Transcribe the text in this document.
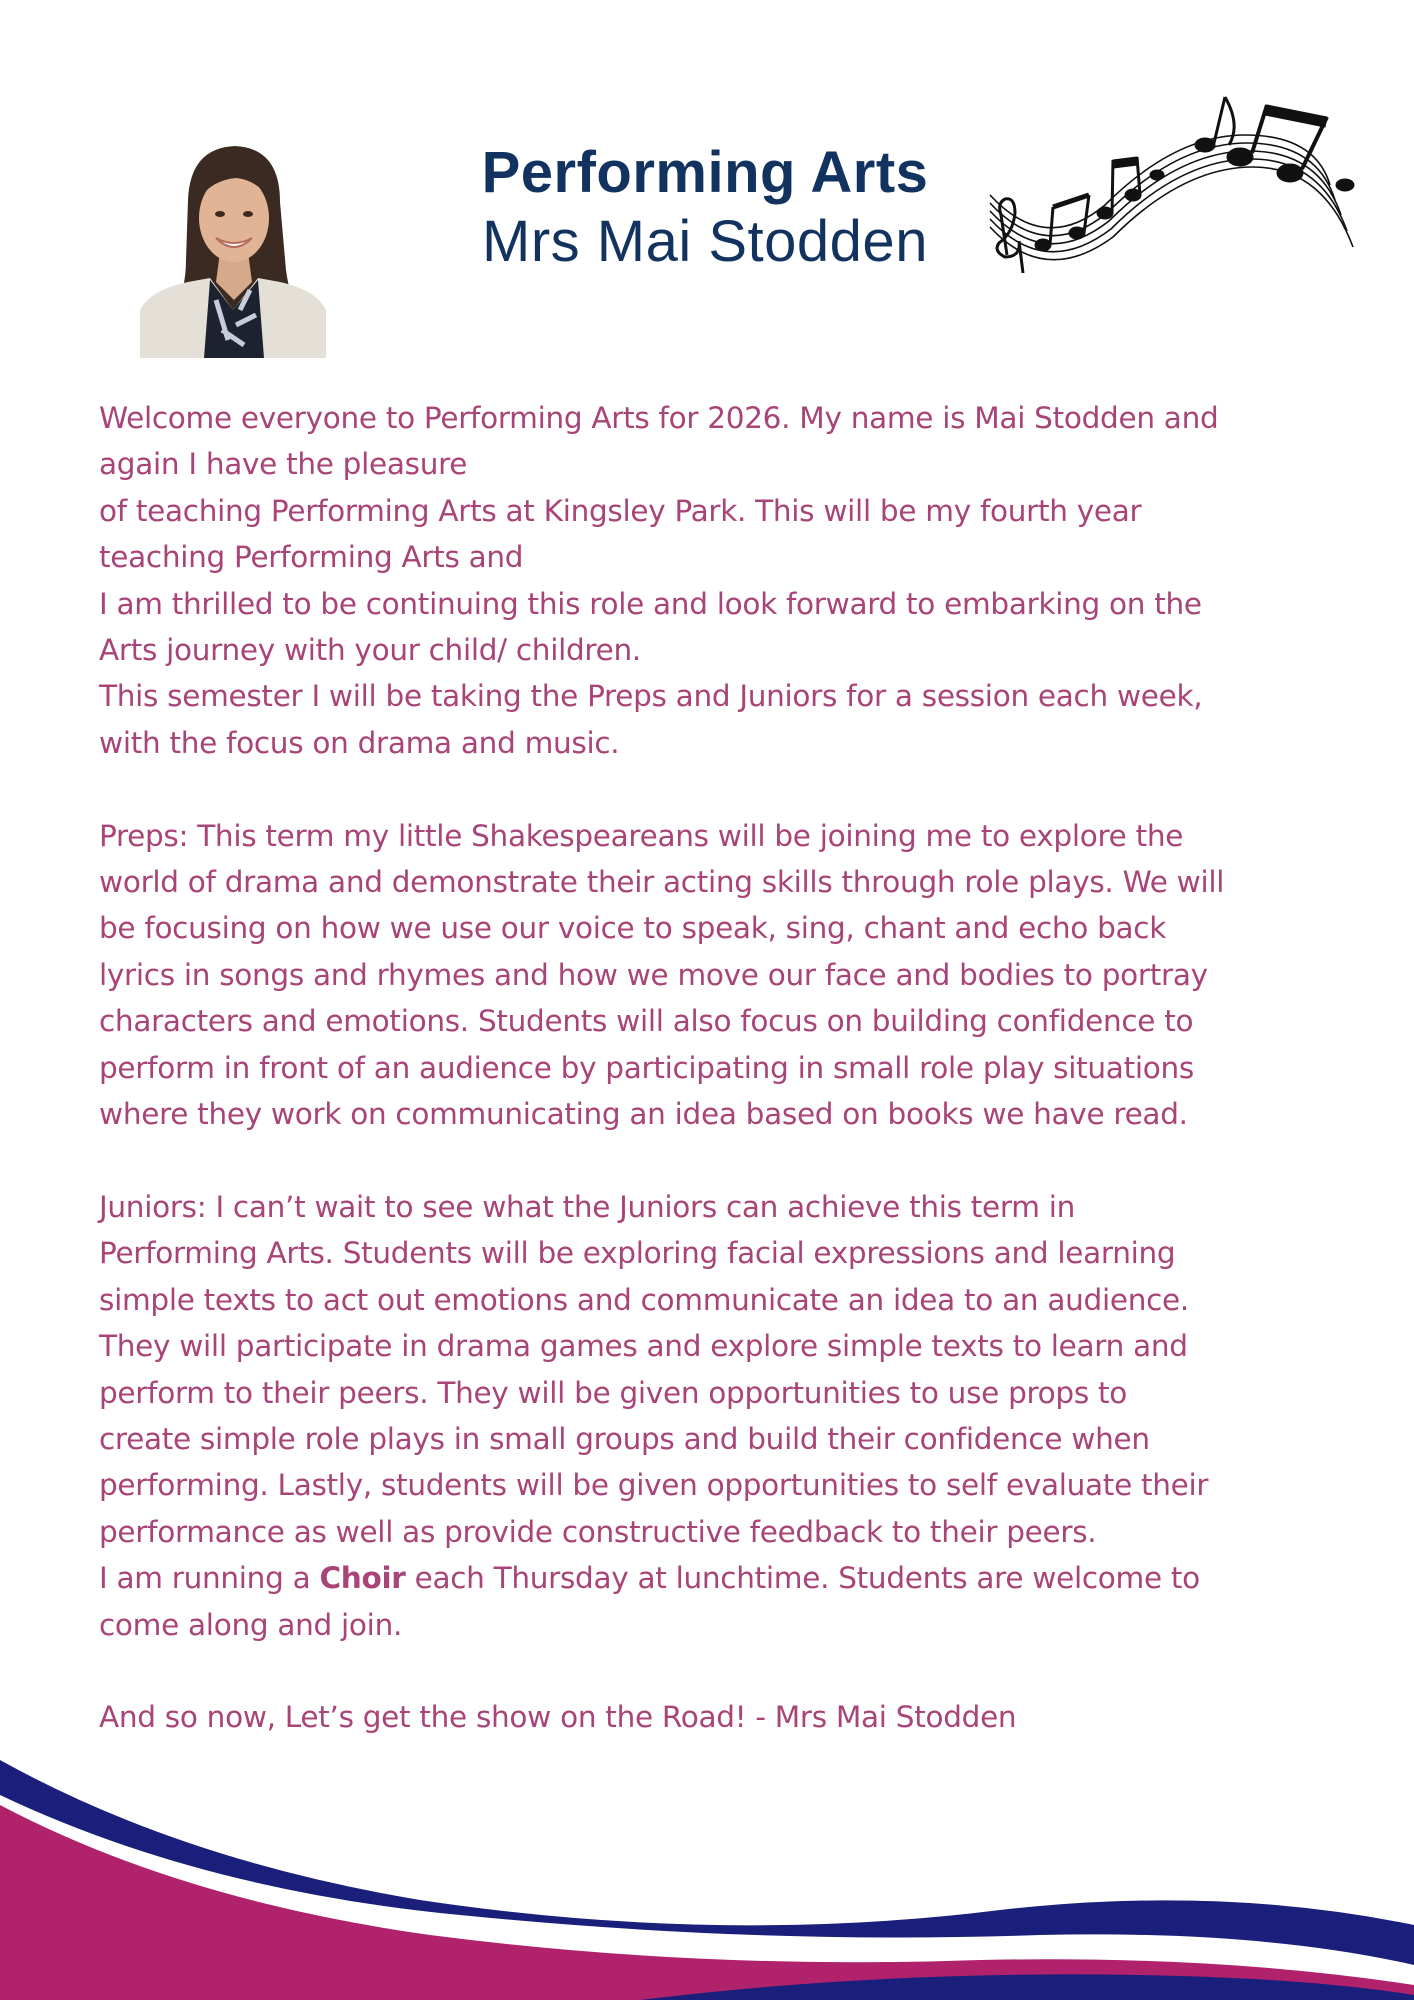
Performing Arts
Mrs Mai Stodden

Welcome everyone to Performing Arts for 2026. My name is Mai Stodden and

again I have the pleasure

of teaching Performing Arts at Kingsley Park. This will be my fourth year

teaching Performing Arts and

I am thrilled to be continuing this role and look forward to embarking on the

Arts journey with your child/ children.

This semester I will be taking the Preps and Juniors for a session each week,

with the focus on drama and music.

Preps: This term my little Shakespeareans will be joining me to explore the

world of drama and demonstrate their acting skills through role plays. We will

be focusing on how we use our voice to speak, sing, chant and echo back

lyrics in songs and rhymes and how we move our face and bodies to portray

characters and emotions. Students will also focus on building confidence to

perform in front of an audience by participating in small role play situations

where they work on communicating an idea based on books we have read.

Juniors: I can’t wait to see what the Juniors can achieve this term in

Performing Arts. Students will be exploring facial expressions and learning

simple texts to act out emotions and communicate an idea to an audience.

They will participate in drama games and explore simple texts to learn and

perform to their peers. They will be given opportunities to use props to

create simple role plays in small groups and build their confidence when

performing. Lastly, students will be given opportunities to self evaluate their

performance as well as provide constructive feedback to their peers.

I am running a Choir each Thursday at lunchtime. Students are welcome to

come along and join.

And so now, Let’s get the show on the Road! - Mrs Mai Stodden
